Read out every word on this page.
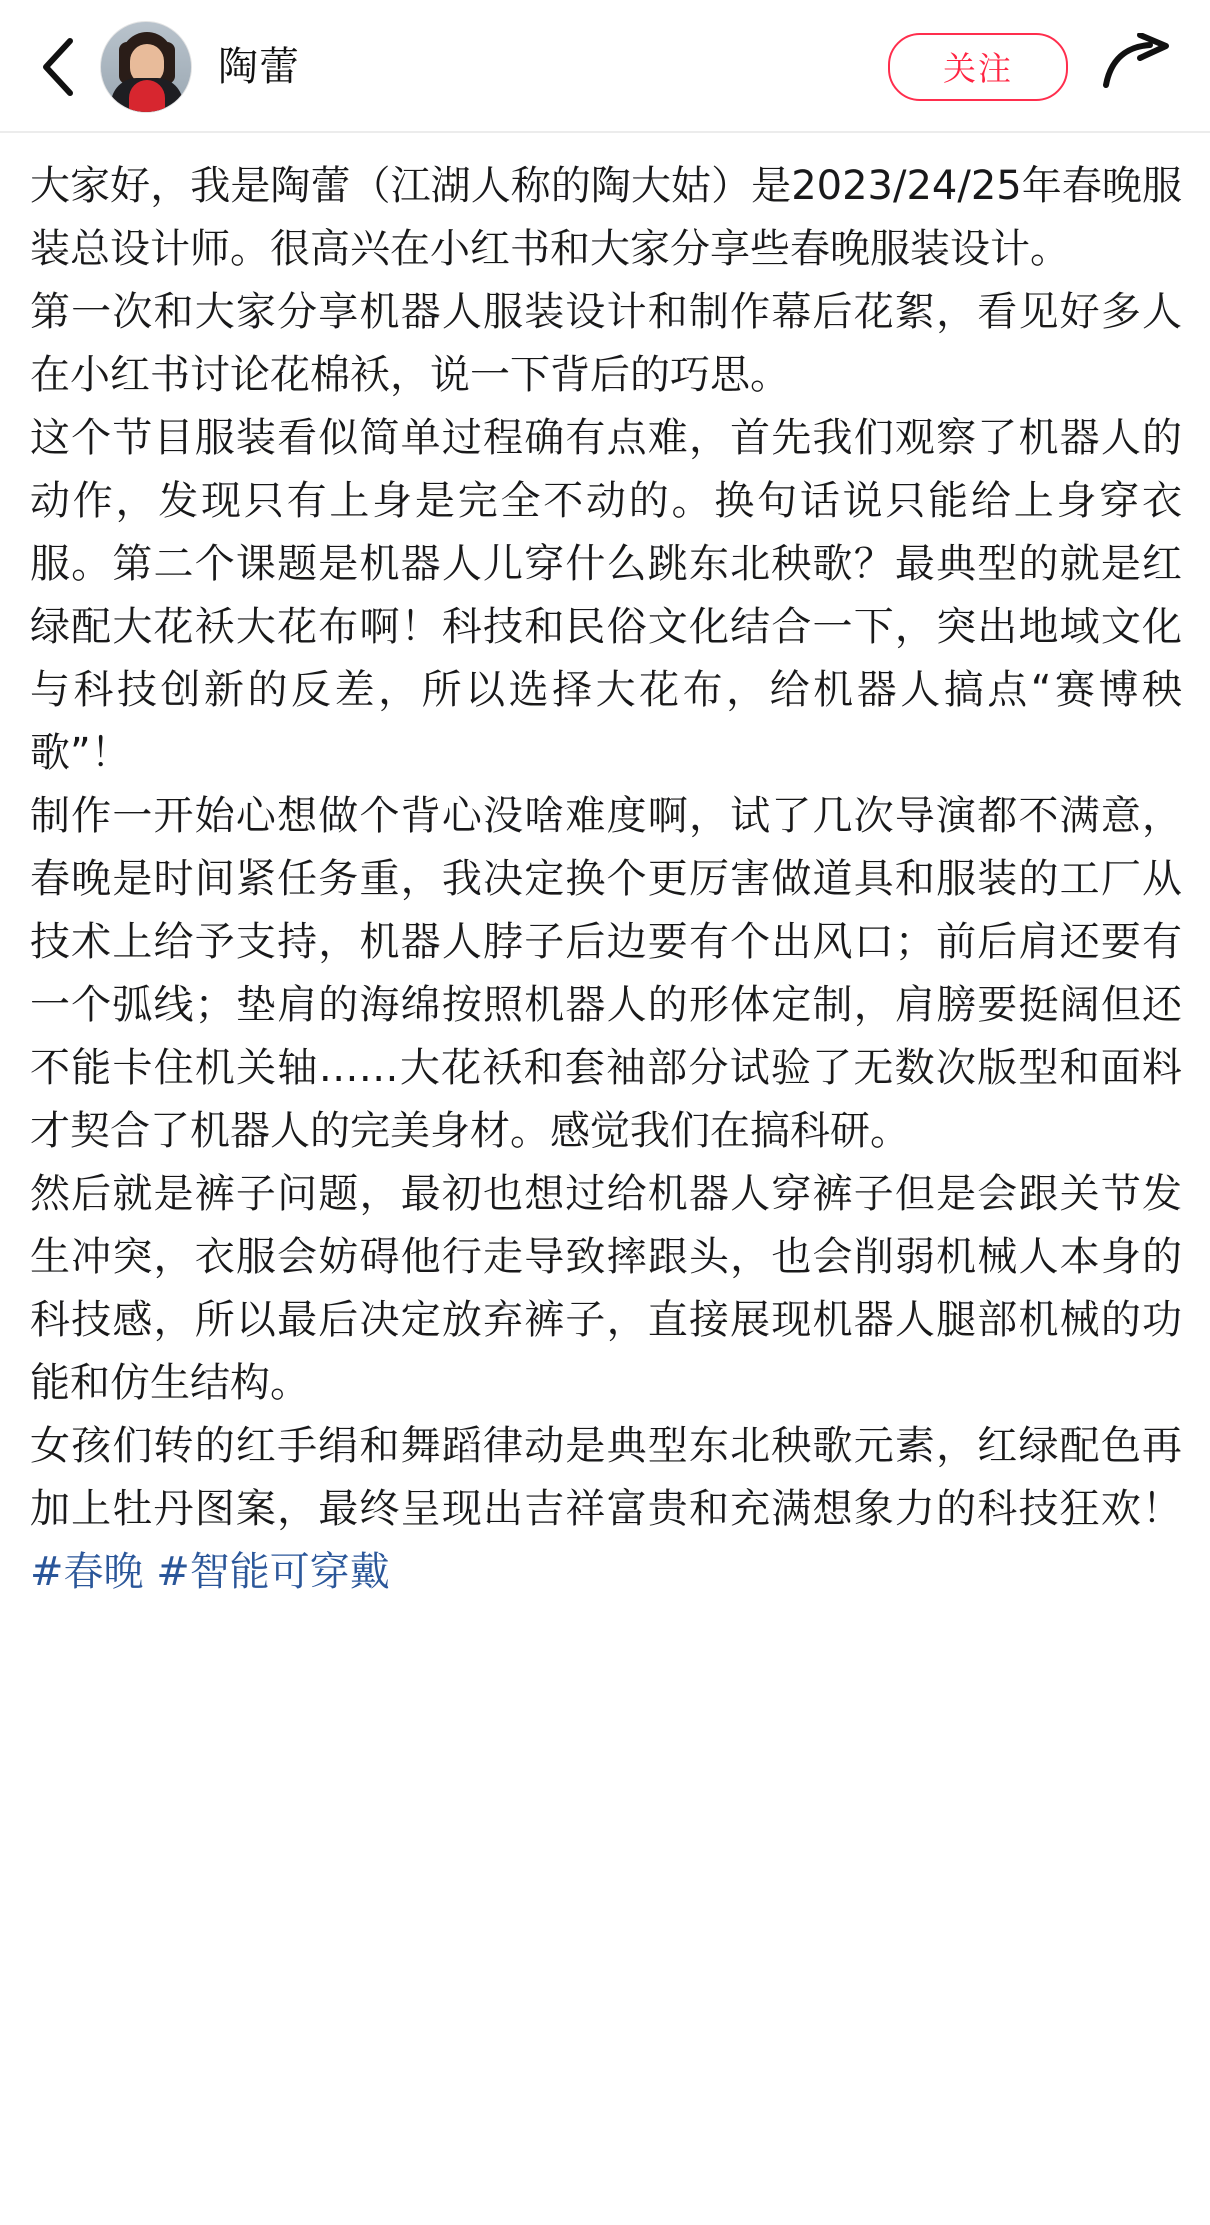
陶蕾	关注

大家好，我是陶蕾（江湖人称的陶大姑）是2023/24/25年春晚服装总设计师。很高兴在小红书和大家分享些春晚服装设计。

第一次和大家分享机器人服装设计和制作幕后花絮，看见好多人在小红书讨论花棉袄，说一下背后的巧思。

这个节目服装看似简单过程确有点难，首先我们观察了机器人的动作，发现只有上身是完全不动的。换句话说只能给上身穿衣服。第二个课题是机器人儿穿什么跳东北秧歌？最典型的就是红绿配大花袄大花布啊！科技和民俗文化结合一下，突出地域文化与科技创新的反差，所以选择大花布，给机器人搞点“赛博秧歌”！

制作一开始心想做个背心没啥难度啊，试了几次导演都不满意，春晚是时间紧任务重，我决定换个更厉害做道具和服装的工厂从技术上给予支持，机器人脖子后边要有个出风口；前后肩还要有一个弧线；垫肩的海绵按照机器人的形体定制，肩膀要挺阔但还不能卡住机关轴……大花袄和套袖部分试验了无数次版型和面料才契合了机器人的完美身材。感觉我们在搞科研。

然后就是裤子问题，最初也想过给机器人穿裤子但是会跟关节发生冲突，衣服会妨碍他行走导致摔跟头，也会削弱机械人本身的科技感，所以最后决定放弃裤子，直接展现机器人腿部机械的功能和仿生结构。

女孩们转的红手绢和舞蹈律动是典型东北秧歌元素，红绿配色再加上牡丹图案，最终呈现出吉祥富贵和充满想象力的科技狂欢！ #春晚 #智能可穿戴
